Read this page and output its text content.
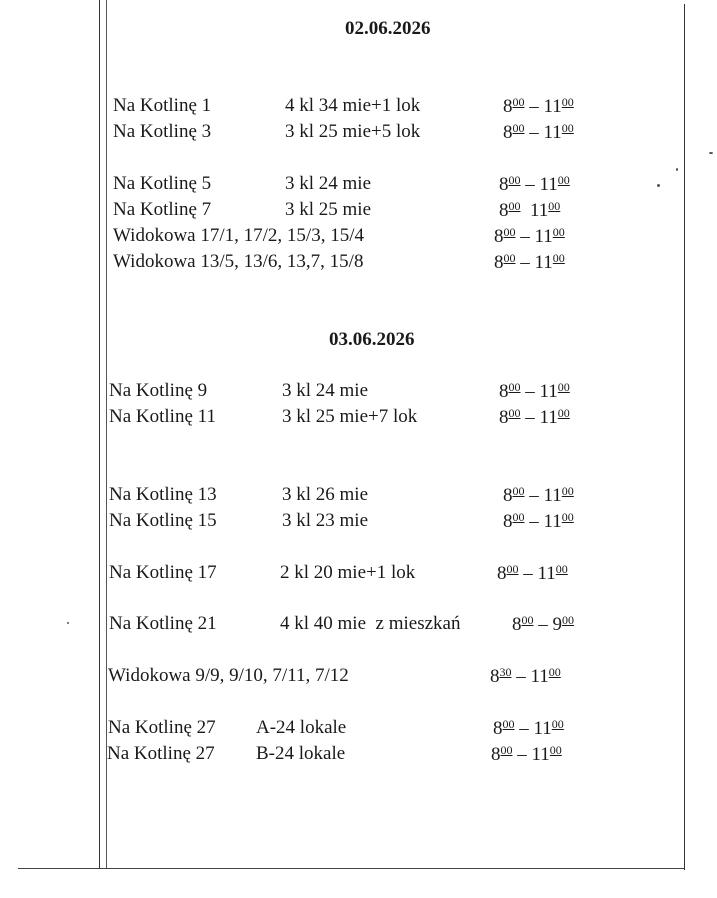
02.06.2026
Na Kotlinę 1	4 kl 34 mie+1 lok	$8^{00} - 11^{00}$
Na Kotlinę 3	3 kl 25 mie+5 lok	$8^{00} - 11^{00}$
Na Kotlinę 5	3 kl 24 mie	$8^{00} - 11^{00}$
Na Kotlinę 7	3 kl 25 mie	$8^{00}$ $11^{00}$
Widokowa 17/1, 17/2, 15/3, 15/4	$8^{00} - 11^{00}$
Widokowa 13/5, 13/6, 13,7, 15/8	$8^{00} - 11^{00}$
03.06.2026
Na Kotlinę 9	3 kl 24 mie	$8^{00} - 11^{00}$
Na Kotlinę 11	3 kl 25 mie+7 lok	$8^{00} - 11^{00}$
Na Kotlinę 13	3 kl 26 mie	$8^{00} - 11^{00}$
Na Kotlinę 15	3 kl 23 mie	$8^{00} - 11^{00}$
Na Kotlinę 17	2 kl 20 mie+1 lok	$8^{00} - 11^{00}$
Na Kotlinę 21	4 kl 40 mie  z mieszkań	$8^{00} - 9^{00}$
Widokowa 9/9, 9/10, 7/11, 7/12	$8^{30} - 11^{00}$
Na Kotlinę 27 A-24 lokale	$8^{00} - 11^{00}$
Na Kotlinę 27 B-24 lokale	$8^{00} - 11^{00}$
